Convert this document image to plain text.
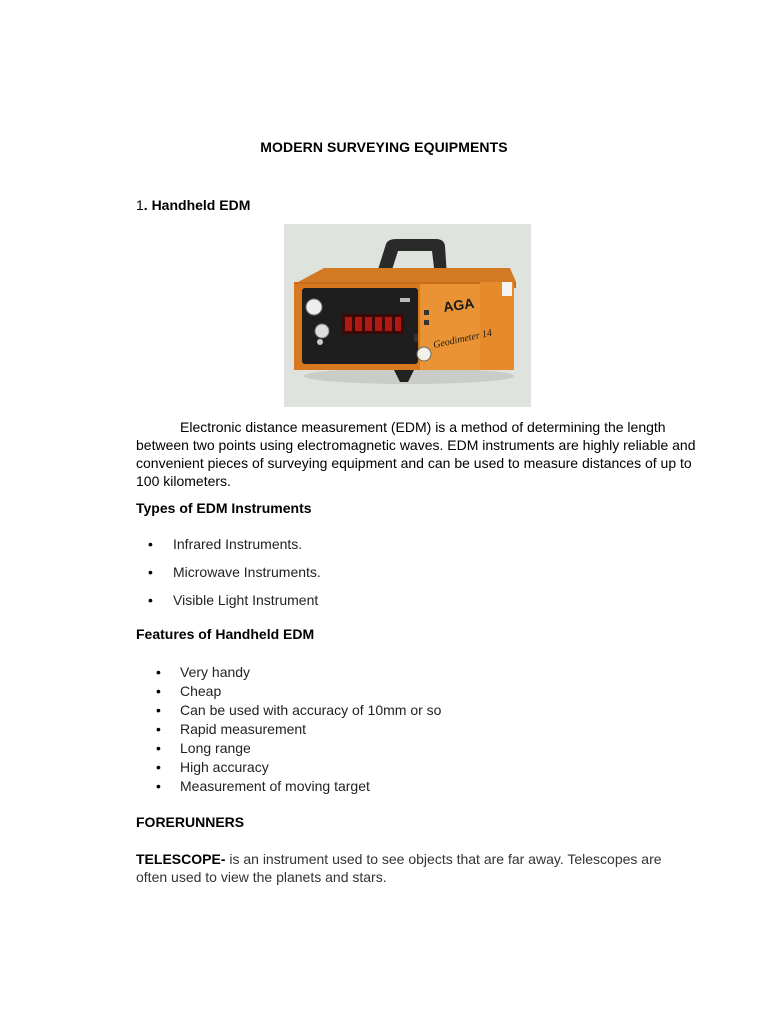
MODERN SURVEYING EQUIPMENTS
1. Handheld EDM
AGA
Geodimeter 14
Electronic distance measurement (EDM) is a method of determining the length between two points using electromagnetic waves. EDM instruments are highly reliable and convenient pieces of surveying equipment and can be used to measure distances of up to 100 kilometers.
Types of EDM Instruments
• Infrared Instruments.
• Microwave Instruments.
• Visible Light Instrument
Features of Handheld EDM
• Very handy
• Cheap
• Can be used with accuracy of 10mm or so
• Rapid measurement
• Long range
• High accuracy
• Measurement of moving target
FORERUNNERS
TELESCOPE- is an instrument used to see objects that are far away. Telescopes are often used to view the planets and stars.
